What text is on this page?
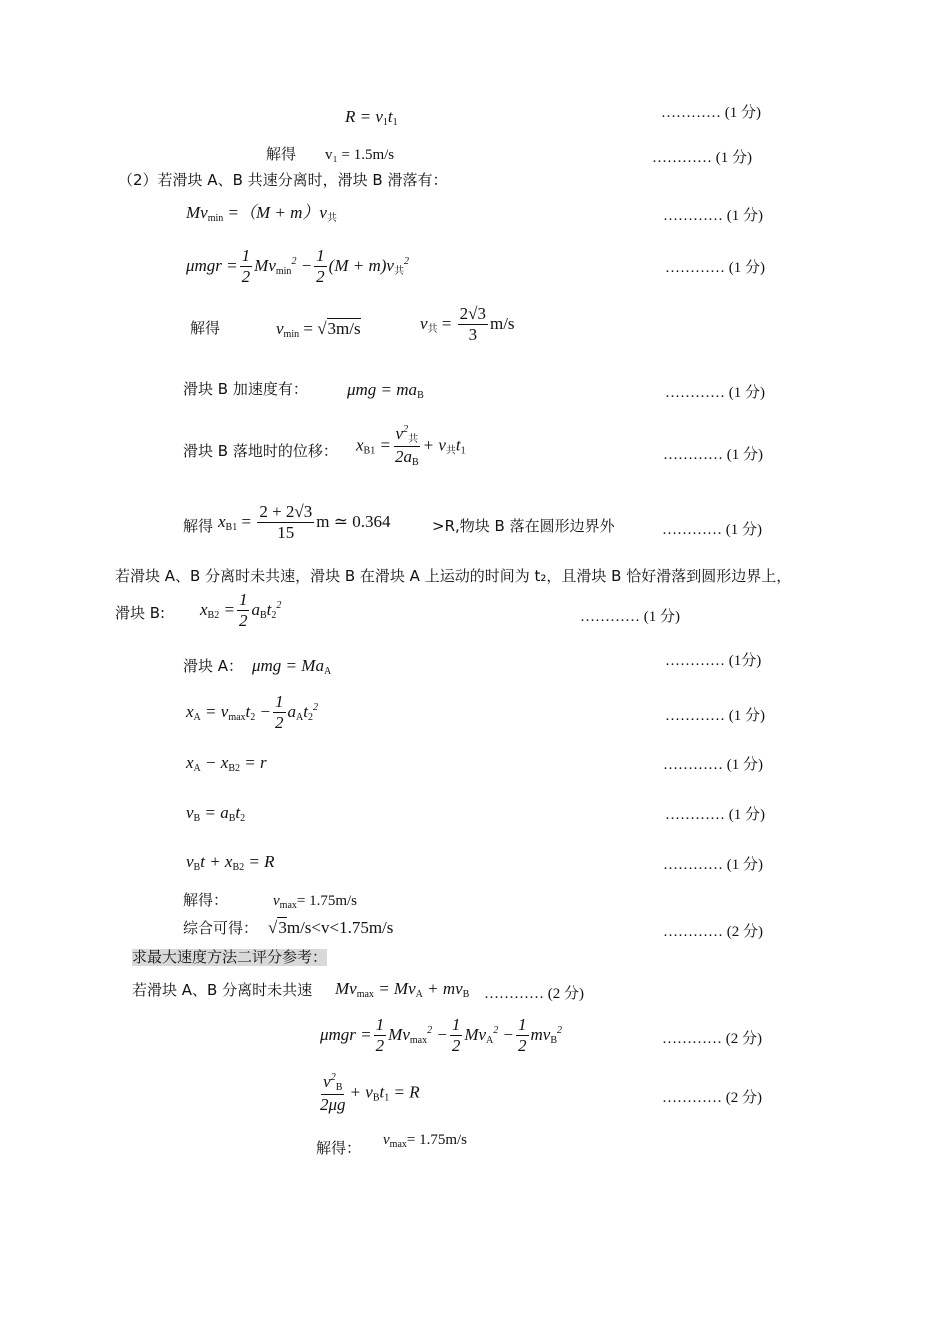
$R = v_1t_1$
………… (1 分)
解得 v₁ = 1.5m/s	………… (1 分)
（2）若滑块 A、B 共速分离时，滑块 B 滑落有：
$Mv_{min} =(M + m)v_共$	………… (1 分)
$\mu mgr = \frac{1}{2} Mv_{min}^2 - \frac{1}{2} (M + m)v_共^2$	………… (1 分)
解得	$v_{min} = √3m/s$	$v_共 = \frac{2√3}{3} m/s$
滑块 B 加速度有： $\mu mg = ma_B$	………… (1 分)
滑块 B 落地时的位移： $x_{B1} = \frac{v^2_共}{2a_B} + v_共t_1$	………… (1 分)
解得 $x_{B1} = \frac{2 + 2√3}{15}$ m ≃ 0.364	>R,物块 B 落在圆形边界外	………… (1 分)
若滑块 A、B 分离时未共速，滑块 B 在滑块 A 上运动的时间为 t₂，且滑块 B 恰好滑落到圆形边界上，
滑块 B: $x_{B2} = \frac{1}{2} a_Bt_2^2$
………… (1 分)
滑块 A： $\mu mg = Ma_A$
………… (1分)
$x_A = v_{max}t_2 - \frac{1}{2} a_At_2^2$
………… (1 分)
$x_A - x_{B2} = r$	………… (1 分)
$v_B = a_Bt_2$	………… (1 分)
$v_Bt + x_{B2} = R$	………… (1 分)
解得：	$v_{max}= 1.75m/s$
综合可得： √3m/s<v<1.75m/s	………… (2 分)
求最大速度方法二评分参考：
若滑块 A、B 分离时未共速 $Mv_{max} = Mv_A + mv_B$ ………… (2 分)
$\mu mgr = \frac{1}{2} Mv_{max}^2 - \frac{1}{2} Mv_A^2 - \frac{1}{2} mv_B^2$
………… (2 分)
$\frac{v^2_B}{2\mu g} + v_Bt_1 = R$	………… (2 分)
解得： $v_{max}= 1.75m/s$
